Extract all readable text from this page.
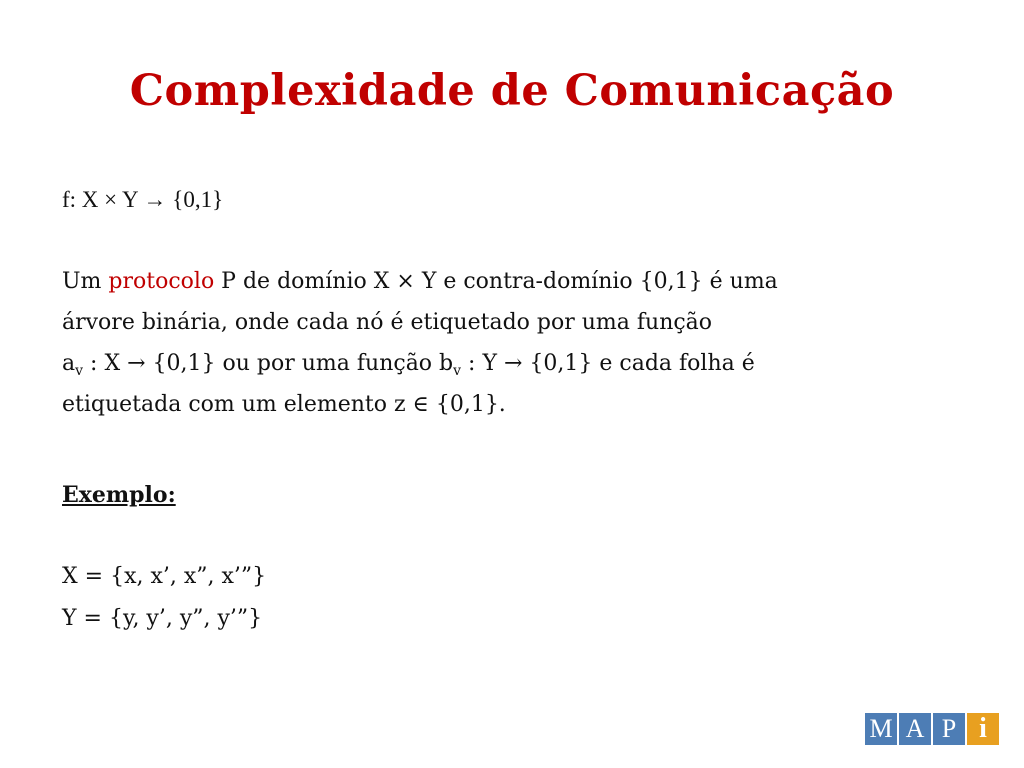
Complexidade de Comunicação
f: X × Y → {0,1}
Um protocolo P de domínio X × Y e contra-domínio {0,1} é uma
árvore binária, onde cada nó é etiquetado por uma função
$a_v$ : X → {0,1} ou por uma função $b_v$ : Y → {0,1} e cada folha é
etiquetada com um elemento z ∈ {0,1}.
Exemplo:
X = {x, x’, x”, x’”}
Y = {y, y’, y”, y’”}
M A P i
